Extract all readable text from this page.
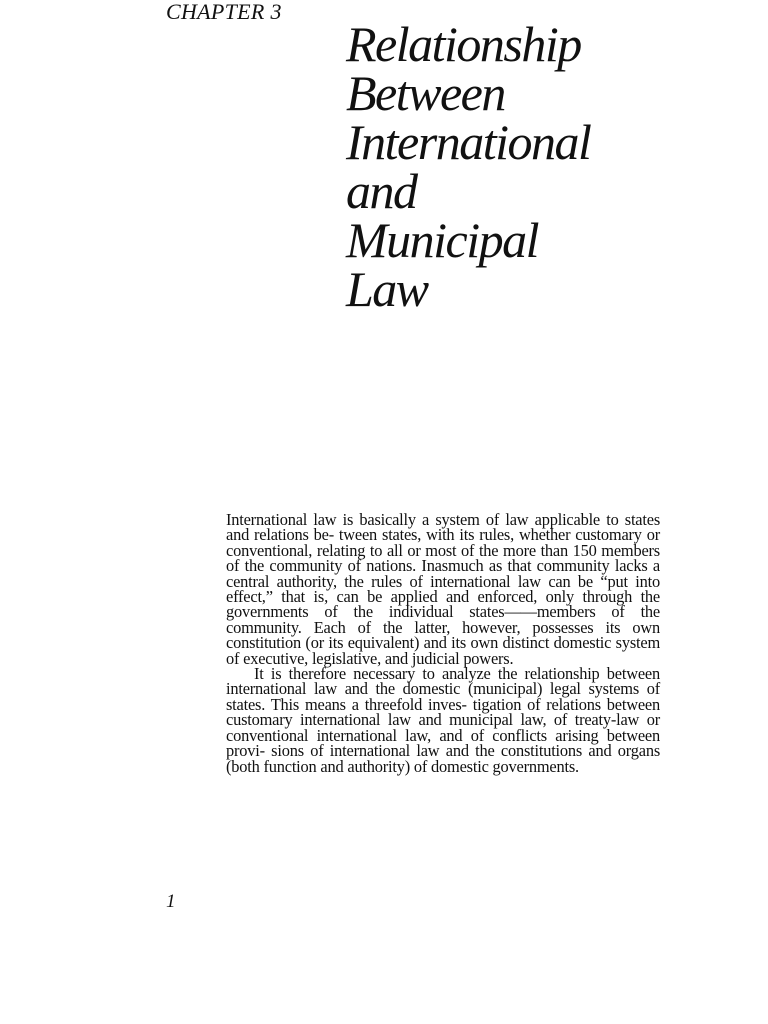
CHAPTER 3
Relationship
Between
International
and
Municipal
Law

International law is basically a system of law applicable to states and relations be- tween states, with its rules, whether customary or conventional, relating to all or most of the more than 150 members of the community of nations. Inasmuch as that community lacks a central authority, the rules of international law can be “put into effect,” that is, can be applied and enforced, only through the governments of the individual states——members of the community. Each of the latter, however, possesses its own constitution (or its equivalent) and its own distinct domestic system of executive, legislative, and judicial powers.

It is therefore necessary to analyze the relationship between international law and the domestic (municipal) legal systems of states. This means a threefold inves- tigation of relations between customary international law and municipal law, of treaty-law or conventional international law, and of conflicts arising between provi- sions of international law and the constitutions and organs (both function and authority) of domestic governments.

1
